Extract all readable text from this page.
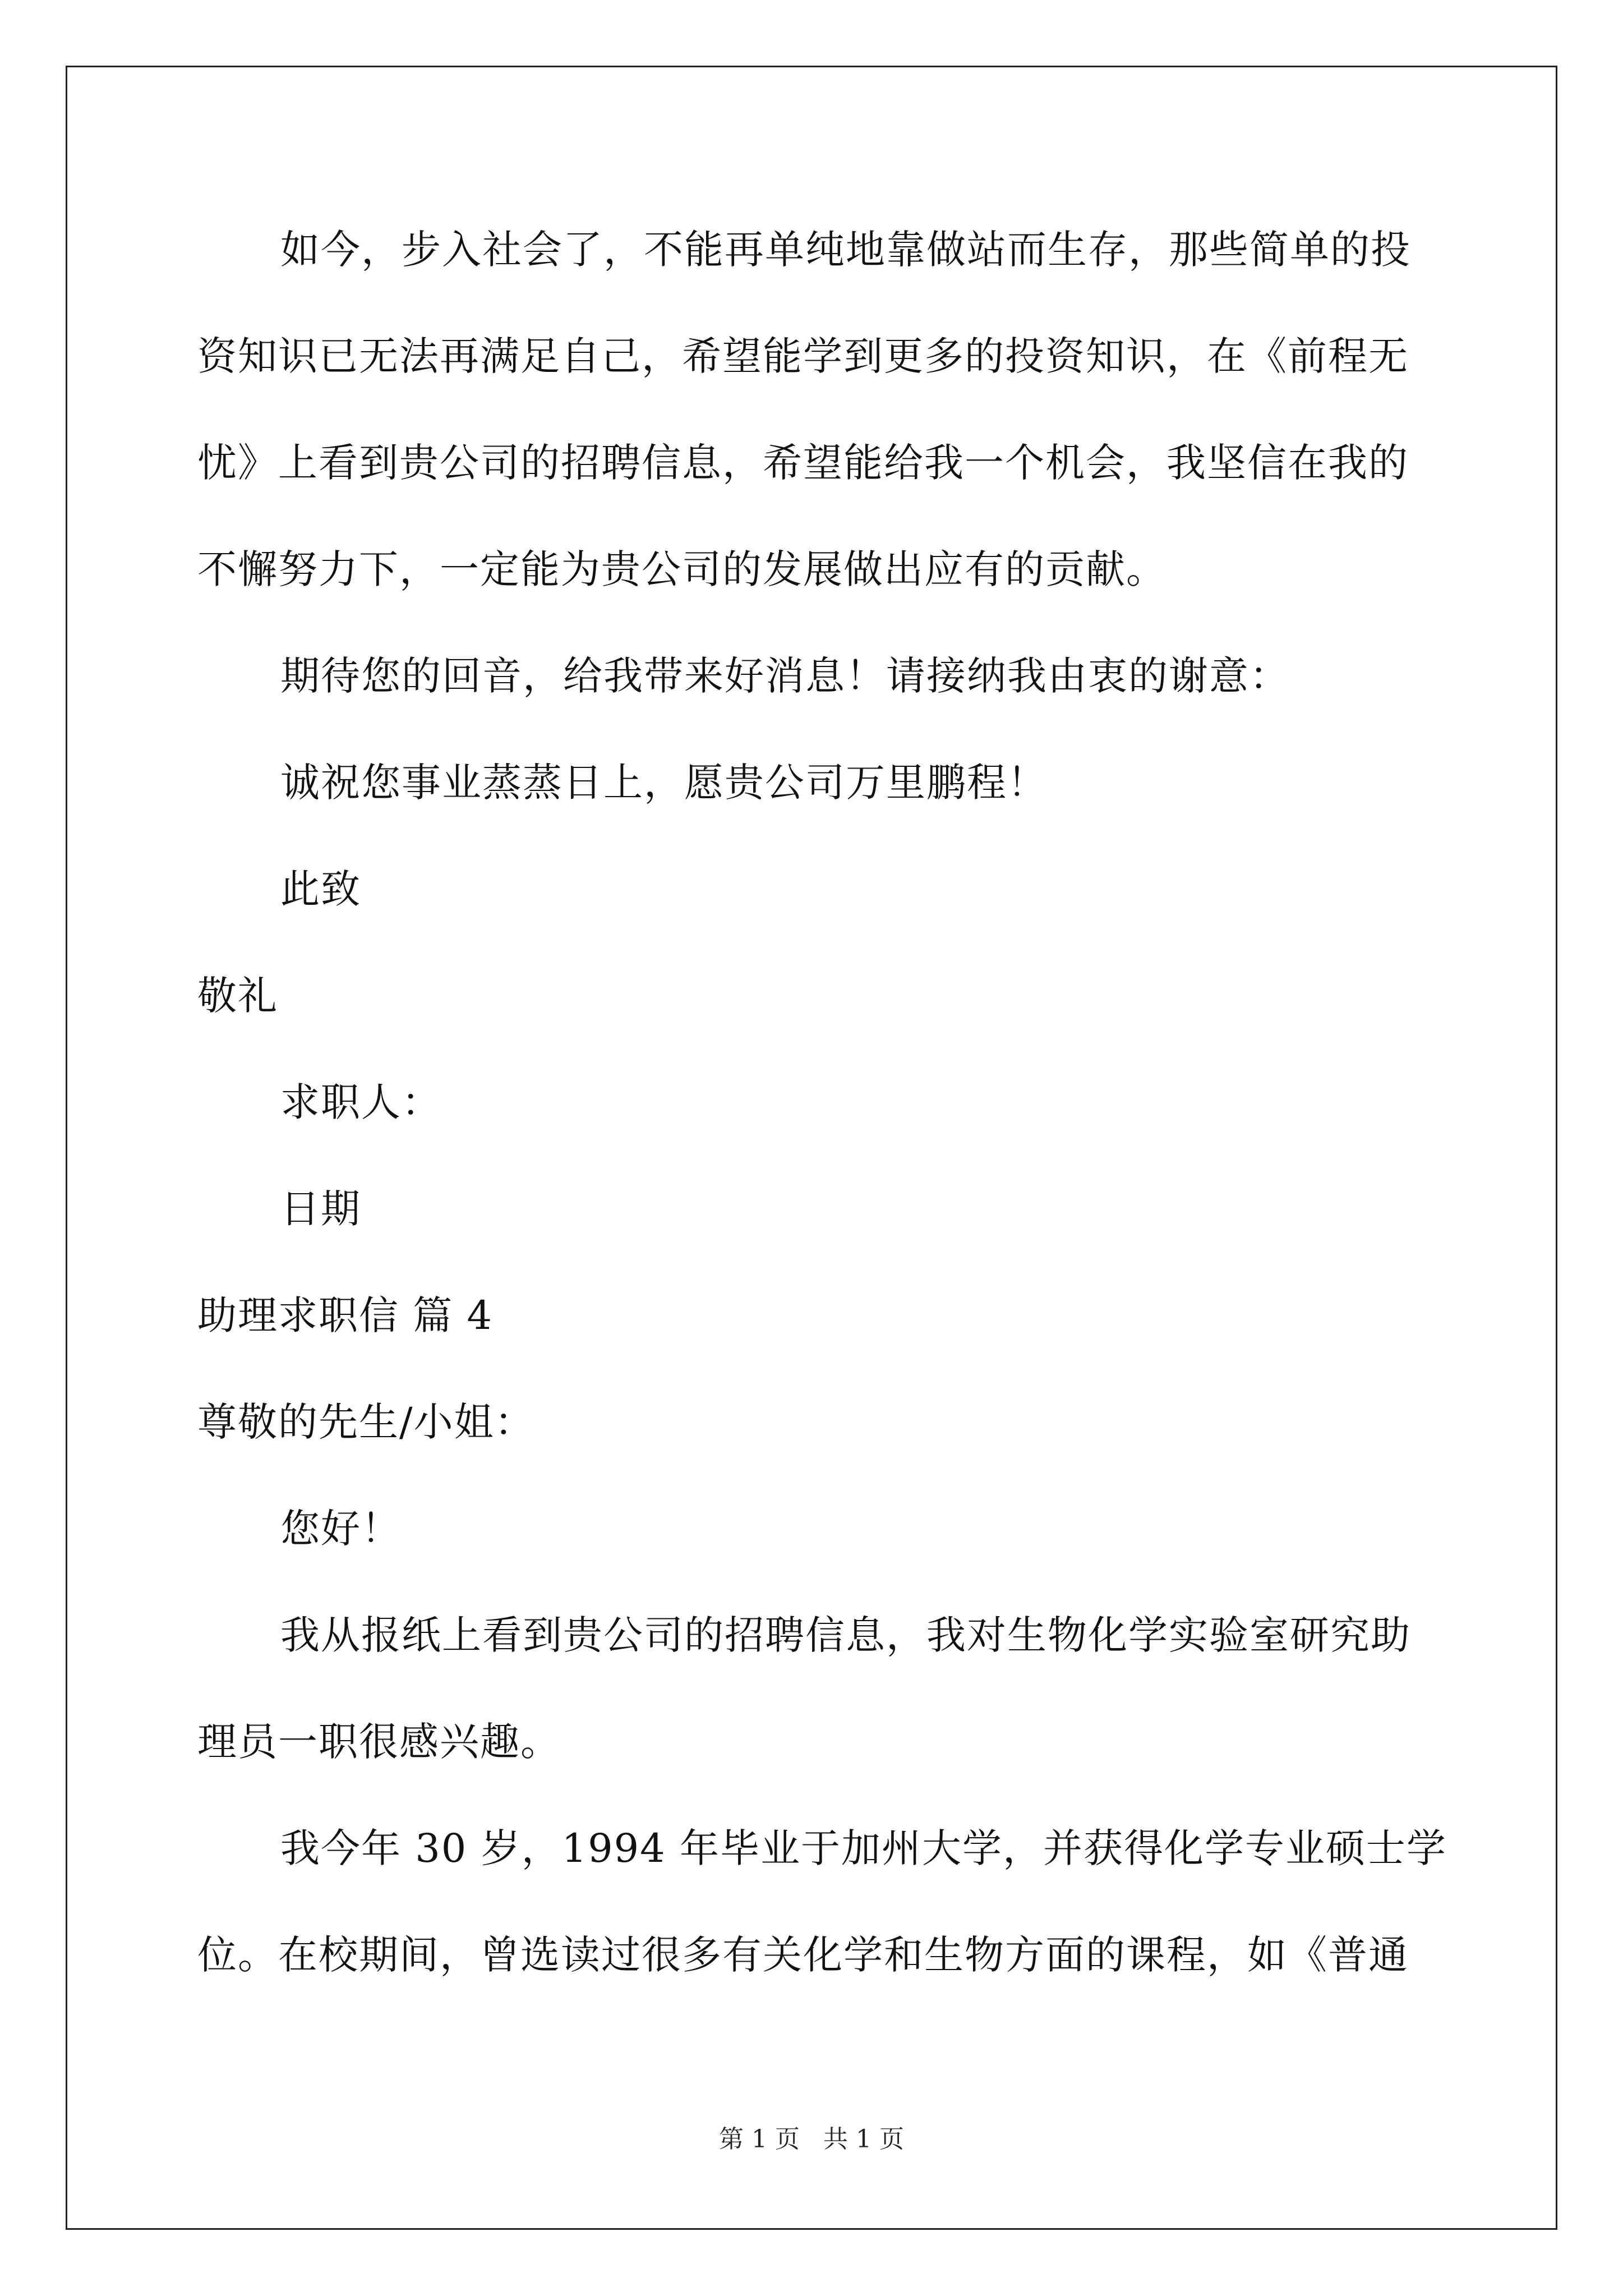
如今，步入社会了，不能再单纯地靠做站而生存，那些简单的投
资知识已无法再满足自己，希望能学到更多的投资知识，在《前程无
忧》上看到贵公司的招聘信息，希望能给我一个机会，我坚信在我的
不懈努力下，一定能为贵公司的发展做出应有的贡献。
期待您的回音，给我带来好消息！请接纳我由衷的谢意：
诚祝您事业蒸蒸日上，愿贵公司万里鹏程！
此致
敬礼
求职人：
日期
助理求职信 篇 4
尊敬的先生/小姐：
您好！
我从报纸上看到贵公司的招聘信息，我对生物化学实验室研究助
理员一职很感兴趣。
我今年 30 岁，1994 年毕业于加州大学，并获得化学专业硕士学
位。在校期间，曾选读过很多有关化学和生物方面的课程，如《普通
第 1 页   共 1 页
